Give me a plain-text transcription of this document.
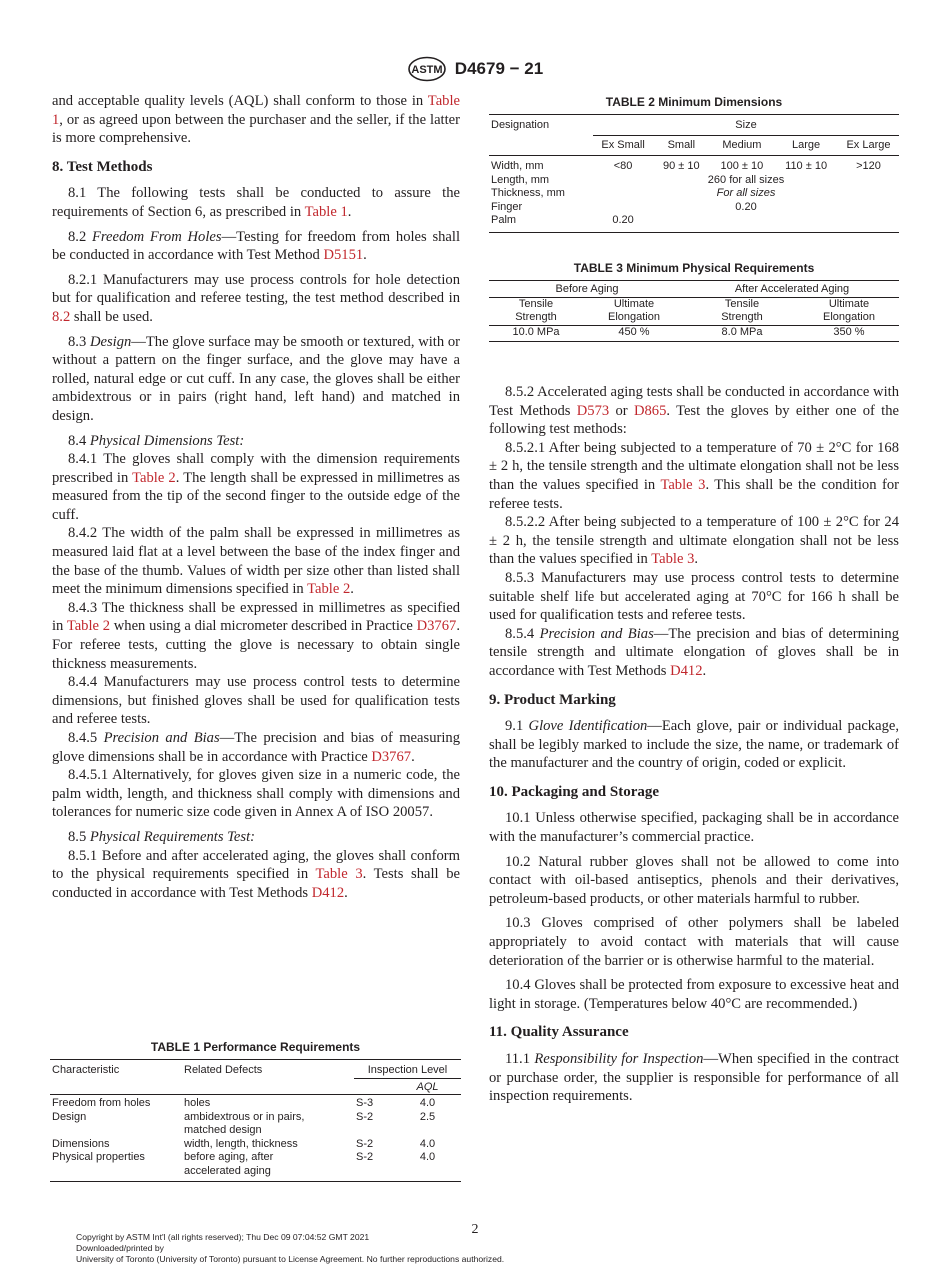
ASTM D4679 − 21

and acceptable quality levels (AQL) shall conform to those in Table 1, or as agreed upon between the purchaser and the seller, if the latter is more comprehensive.

8. Test Methods

8.1 The following tests shall be conducted to assure the requirements of Section 6, as prescribed in Table 1.

8.2 Freedom From Holes—Testing for freedom from holes shall be conducted in accordance with Test Method D5151.

8.2.1 Manufacturers may use process controls for hole detection but for qualification and referee testing, the test method described in 8.2 shall be used.

8.3 Design—The glove surface may be smooth or textured, with or without a pattern on the finger surface, and the glove may have a rolled, natural edge or cut cuff. In any case, the gloves shall be either ambidextrous or in pairs (right hand, left hand) and matched in design.

8.4 Physical Dimensions Test:

8.4.1 The gloves shall comply with the dimension requirements prescribed in Table 2. The length shall be expressed in millimetres as measured from the tip of the second finger to the outside edge of the cuff.

8.4.2 The width of the palm shall be expressed in millimetres as measured laid flat at a level between the base of the index finger and the base of the thumb. Values of width per size other than listed shall meet the minimum dimensions specified in Table 2.

8.4.3 The thickness shall be expressed in millimetres as specified in Table 2 when using a dial micrometer described in Practice D3767. For referee tests, cutting the glove is necessary to obtain single thickness measurements.

8.4.4 Manufacturers may use process control tests to determine dimensions, but finished gloves shall be used for qualification tests and referee tests.

8.4.5 Precision and Bias—The precision and bias of measuring glove dimensions shall be in accordance with Practice D3767.

8.4.5.1 Alternatively, for gloves given size in a numeric code, the palm width, length, and thickness shall comply with dimensions and tolerances for numeric size code given in Annex A of ISO 20057.

8.5 Physical Requirements Test:

8.5.1 Before and after accelerated aging, the gloves shall conform to the physical requirements specified in Table 3. Tests shall be conducted in accordance with Test Methods D412.

TABLE 1 Performance Requirements
Characteristic	Related Defects	Inspection Level	
			AQL
Freedom from holes	holes	S-3	4.0
Design	ambidextrous or in pairs, matched design	S-2	2.5
Dimensions	width, length, thickness	S-2	4.0
Physical properties	before aging, after accelerated aging	S-2	4.0
TABLE 2 Minimum Dimensions
Designation	Size				
	Ex Small	Small	Medium	Large	Ex Large
Width, mm	<80	90 ± 10	100 ± 10	110 ± 10	>120
Length, mm	260 for all sizes				
Thickness, mm	For all sizes				
Finger	0.20				
Palm	0.20				
TABLE 3 Minimum Physical Requirements
Before Aging		After Accelerated Aging	
Tensile	Ultimate	Tensile	Ultimate
Strength	Elongation	Strength	Elongation
10.0 MPa	450 %	8.0 MPa	350 %

8.5.2 Accelerated aging tests shall be conducted in accordance with Test Methods D573 or D865. Test the gloves by either one of the following test methods:

8.5.2.1 After being subjected to a temperature of 70 ± 2°C for 168 ± 2 h, the tensile strength and the ultimate elongation shall not be less than the values specified in Table 3. This shall be the condition for referee tests.

8.5.2.2 After being subjected to a temperature of 100 ± 2°C for 24 ± 2 h, the tensile strength and ultimate elongation shall not be less than the values specified in Table 3.

8.5.3 Manufacturers may use process control tests to determine suitable shelf life but accelerated aging at 70°C for 166 h shall be used for qualification tests and referee tests.

8.5.4 Precision and Bias—The precision and bias of determining tensile strength and ultimate elongation of gloves shall be in accordance with Test Methods D412.

9. Product Marking

9.1 Glove Identification—Each glove, pair or individual package, shall be legibly marked to include the size, the name, or trademark of the manufacturer and the country of origin, coded or explicit.

10. Packaging and Storage

10.1 Unless otherwise specified, packaging shall be in accordance with the manufacturer’s commercial practice.

10.2 Natural rubber gloves shall not be allowed to come into contact with oil-based antiseptics, phenols and their derivatives, petroleum-based products, or other materials harmful to rubber.

10.3 Gloves comprised of other polymers shall be labeled appropriately to avoid contact with materials that will cause deterioration of the barrier or is otherwise harmful to the material.

10.4 Gloves shall be protected from exposure to excessive heat and light in storage. (Temperatures below 40°C are recommended.)

11. Quality Assurance

11.1 Responsibility for Inspection—When specified in the contract or purchase order, the supplier is responsible for performance of all inspection requirements.

2
Copyright by ASTM Int'l (all rights reserved); Thu Dec 09 07:04:52 GMT 2021
Downloaded/printed by
University of Toronto (University of Toronto) pursuant to License Agreement. No further reproductions authorized.
